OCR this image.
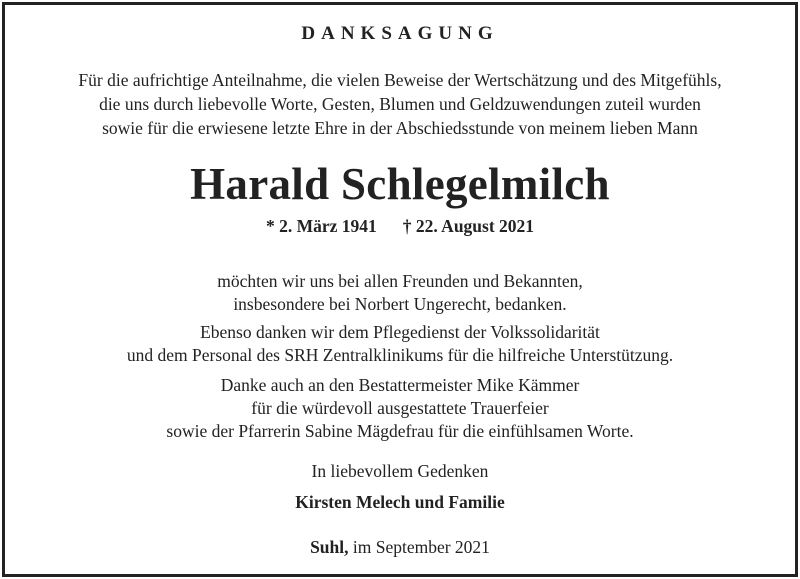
DANKSAGUNG
Für die aufrichtige Anteilnahme, die vielen Beweise der Wertschätzung und des Mitgefühls,
die uns durch liebevolle Worte, Gesten, Blumen und Geldzuwendungen zuteil wurden
sowie für die erwiesene letzte Ehre in der Abschiedsstunde von meinem lieben Mann
Harald Schlegelmilch
* 2. März 1941 † 22. August 2021
möchten wir uns bei allen Freunden und Bekannten,
insbesondere bei Norbert Ungerecht, bedanken.
Ebenso danken wir dem Pflegedienst der Volkssolidarität
und dem Personal des SRH Zentralklinikums für die hilfreiche Unterstützung.
Danke auch an den Bestattermeister Mike Kämmer
für die würdevoll ausgestattete Trauerfeier
sowie der Pfarrerin Sabine Mägdefrau für die einfühlsamen Worte.
In liebevollem Gedenken
Kirsten Melech und Familie
Suhl, im September 2021
